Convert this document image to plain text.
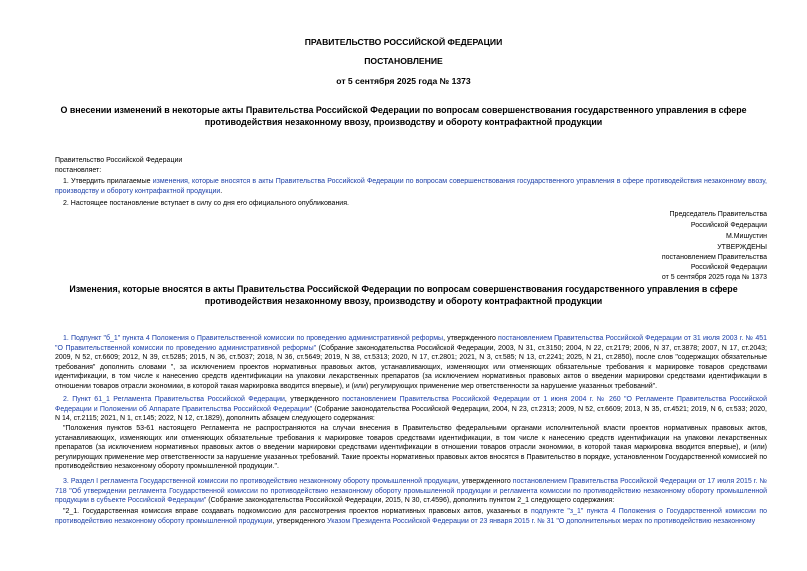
ПРАВИТЕЛЬСТВО РОССИЙСКОЙ ФЕДЕРАЦИИ
ПОСТАНОВЛЕНИЕ
от 5 сентября 2025 года № 1373
О внесении изменений в некоторые акты Правительства Российской Федерации по вопросам совершенствования государственного управления в сфере противодействия незаконному ввозу, производству и обороту контрафактной продукции
Правительство Российской Федерации
постановляет:
1. Утвердить прилагаемые изменения, которые вносятся в акты Правительства Российской Федерации по вопросам совершенствования государственного управления в сфере противодействия незаконному ввозу, производству и обороту контрафактной продукции.
2. Настоящее постановление вступает в силу со дня его официального опубликования.
Председатель Правительства
Российской Федерации
М.Мишустин
УТВЕРЖДЕНЫ
постановлением Правительства
Российской Федерации
от 5 сентября 2025 года № 1373
Изменения, которые вносятся в акты Правительства Российской Федерации по вопросам совершенствования государственного управления в сфере противодействия незаконному ввозу, производству и обороту контрафактной продукции
1. Подпункт "б_1" пункта 4 Положения о Правительственной комиссии по проведению административной реформы, утвержденного постановлением Правительства Российской Федерации от 31 июля 2003 г. № 451 "О Правительственной комиссии по проведению административной реформы" (Собрание законодательства Российской Федерации, 2003, N 31, ст.3150; 2004, N 22, ст.2179; 2006, N 37, ст.3878; 2007, N 17, ст.2043; 2009, N 52, ст.6609; 2012, N 39, ст.5285; 2015, N 36, ст.5037; 2018, N 36, ст.5649; 2019, N 38, ст.5313; 2020, N 17, ст.2801; 2021, N 3, ст.585; N 13, ст.2241; 2025, N 21, ст.2850), после слов "содержащих обязательные требования" дополнить словами ", за исключением проектов нормативных правовых актов, устанавливающих, изменяющих или отменяющих обязательные требования к маркировке товаров средствами идентификации, в том числе к нанесению средств идентификации на упаковки лекарственных препаратов (за исключением нормативных правовых актов о введении маркировки средствами идентификации в отношении товаров отрасли экономики, в которой такая маркировка вводится впервые), и (или) регулирующих применение мер ответственности за нарушение указанных требований".
2. Пункт 61_1 Регламента Правительства Российской Федерации, утвержденного постановлением Правительства Российской Федерации от 1 июня 2004 г. № 260 "О Регламенте Правительства Российской Федерации и Положении об Аппарате Правительства Российской Федерации" (Собрание законодательства Российской Федерации, 2004, N 23, ст.2313; 2009, N 52, ст.6609; 2013, N 35, ст.4521; 2019, N 6, ст.533; 2020, N 14, ст.2115; 2021, N 1, ст.145; 2022, N 12, ст.1829), дополнить абзацем следующего содержания:
"Положения пунктов 53-61 настоящего Регламента не распространяются на случаи внесения в Правительство федеральными органами исполнительной власти проектов нормативных правовых актов, устанавливающих, изменяющих или отменяющих обязательные требования к маркировке товаров средствами идентификации, в том числе к нанесению средств идентификации на упаковки лекарственных препаратов (за исключением нормативных правовых актов о введении маркировки средствами идентификации в отношении товаров отрасли экономики, в которой такая маркировка вводится впервые), и (или) регулирующих применение мер ответственности за нарушение указанных требований. Такие проекты нормативных правовых актов вносятся в Правительство в порядке, установленном Государственной комиссией по противодействию незаконному обороту промышленной продукции.".
3. Раздел I регламента Государственной комиссии по противодействию незаконному обороту промышленной продукции, утвержденного постановлением Правительства Российской Федерации от 17 июля 2015 г. № 718 "Об утверждении регламента Государственной комиссии по противодействию незаконному обороту промышленной продукции и регламента комиссии по противодействию незаконному обороту промышленной продукции в субъекте Российской Федерации" (Собрание законодательства Российской Федерации, 2015, N 30, ст.4596), дополнить пунктом 2_1 следующего содержания:
"2_1. Государственная комиссия вправе создавать подкомиссию для рассмотрения проектов нормативных правовых актов, указанных в подпункте "з_1" пункта 4 Положения о Государственной комиссии по противодействию незаконному обороту промышленной продукции, утвержденного Указом Президента Российской Федерации от 23 января 2015 г. № 31 "О дополнительных мерах по противодействию незаконному
